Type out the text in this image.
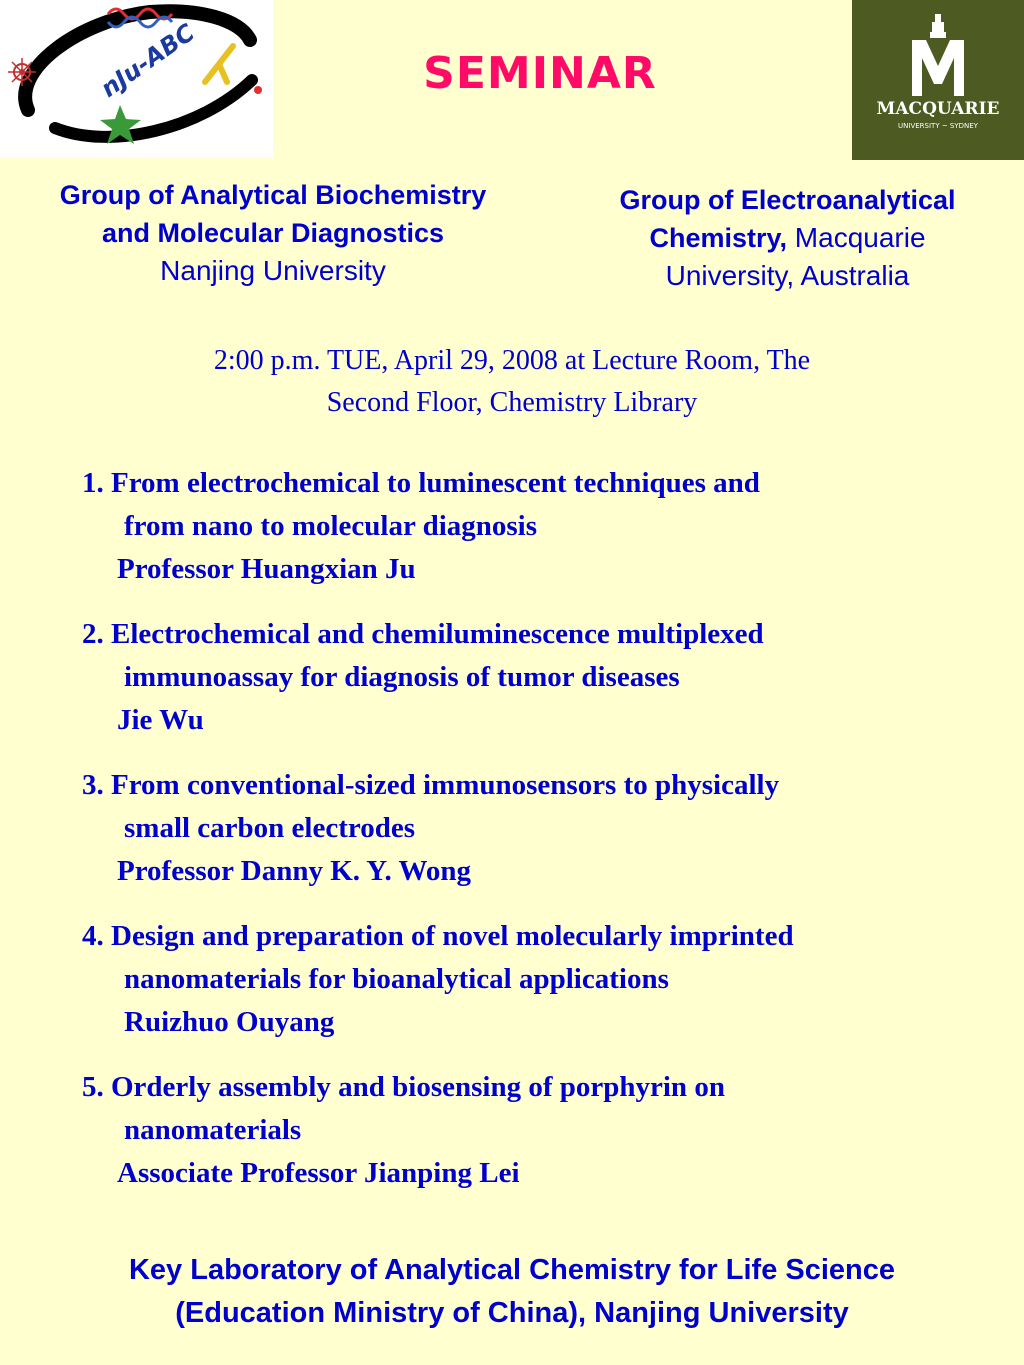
nJu-ABC	SEMINAR
MACQUARIE
UNIVERSITY ~ SYDNEY
Group of Analytical Biochemistry
and Molecular Diagnostics
Nanjing University
Group of Electroanalytical
Chemistry, Macquarie
University, Australia
2:00 p.m. TUE, April 29, 2008 at Lecture Room, The
Second Floor, Chemistry Library
1. From electrochemical to luminescent techniques and
from nano to molecular diagnosis
Professor Huangxian Ju
2. Electrochemical and chemiluminescence multiplexed
immunoassay for diagnosis of tumor diseases
Jie Wu
3. From conventional-sized immunosensors to physically
small carbon electrodes
Professor Danny K. Y. Wong
4. Design and preparation of novel molecularly imprinted
nanomaterials for bioanalytical applications
Ruizhuo Ouyang
5. Orderly assembly and biosensing of porphyrin on
nanomaterials
Associate Professor Jianping Lei
Key Laboratory of Analytical Chemistry for Life Science
(Education Ministry of China), Nanjing University
